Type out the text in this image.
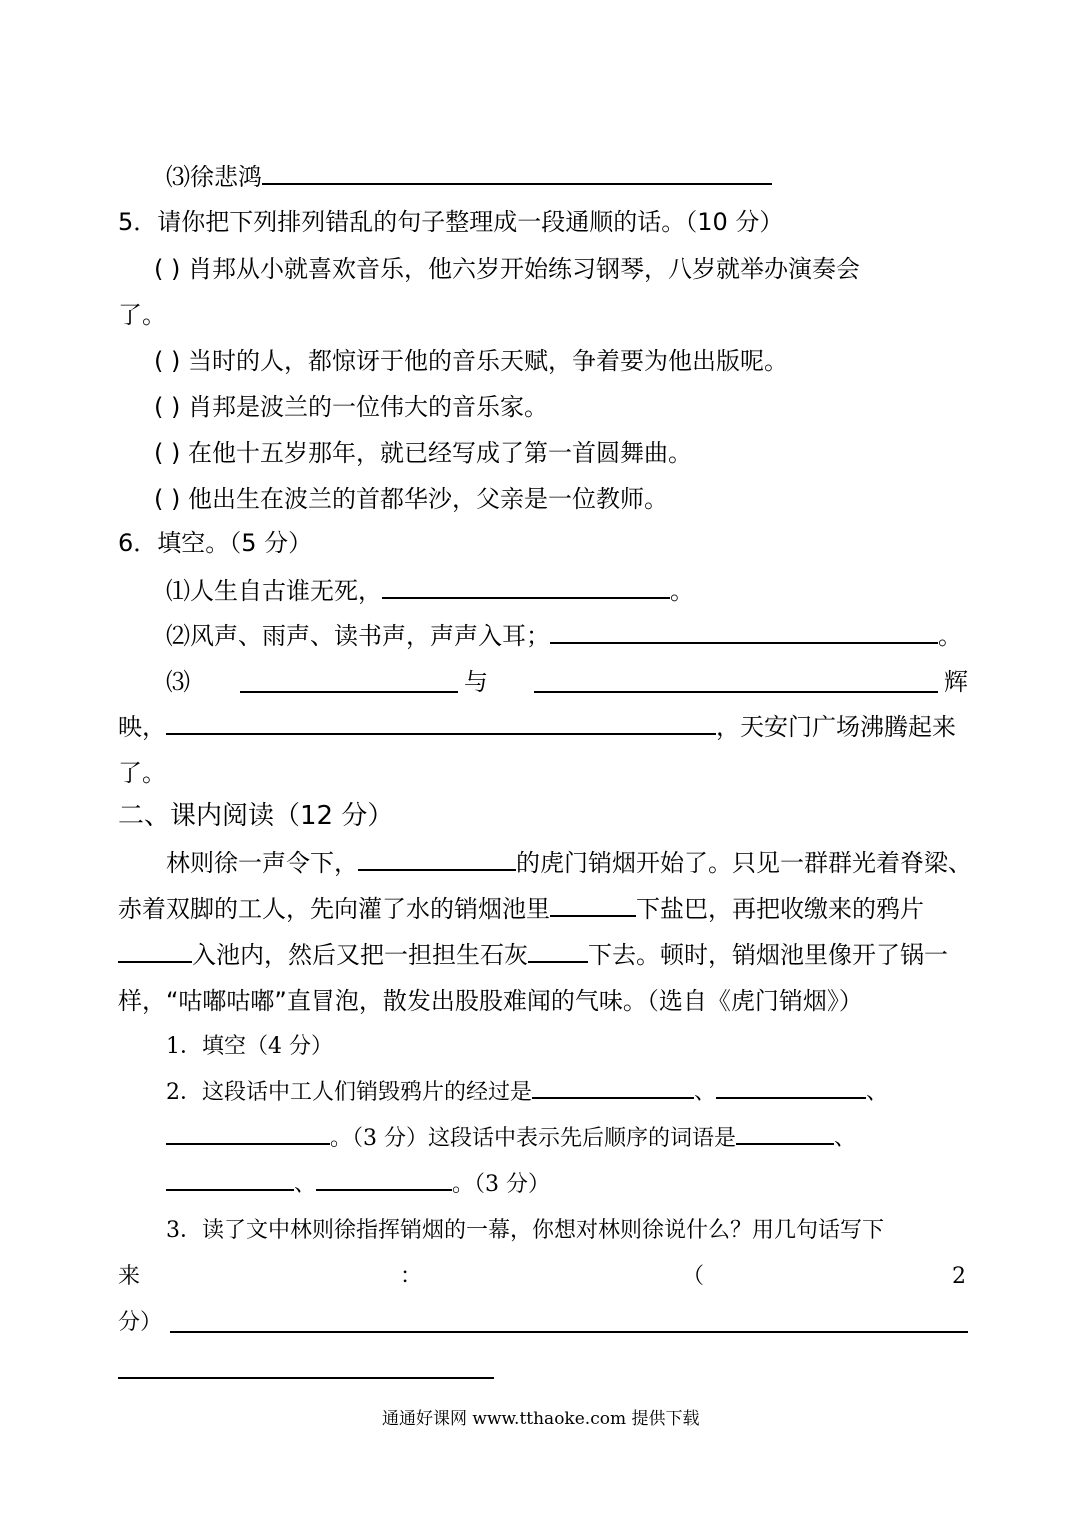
⑶徐悲鸿
5．请你把下列排列错乱的句子整理成一段通顺的话。（10 分）
( ) 肖邦从小就喜欢音乐，他六岁开始练习钢琴，八岁就举办演奏会
了。
( ) 当时的人，都惊讶于他的音乐天赋，争着要为他出版呢。
( ) 肖邦是波兰的一位伟大的音乐家。
( ) 在他十五岁那年，就已经写成了第一首圆舞曲。
( ) 他出生在波兰的首都华沙，父亲是一位教师。
6．填空。（5 分）
⑴人生自古谁无死，	。
⑵风声、雨声、读书声，声声入耳；	。
⑶	与	辉
映，	，天安门广场沸腾起来
了。
二、课内阅读（12 分）
林则徐一声令下，	的虎门销烟开始了。只见一群群光着脊梁、
赤着双脚的工人，先向灌了水的销烟池里	下盐巴，再把收缴来的鸦片
入池内，然后又把一担担生石灰	下去。顿时，销烟池里像开了锅一
样，“咕嘟咕嘟”直冒泡，散发出股股难闻的气味。（选自《虎门销烟》）
1．填空（4 分）
2．这段话中工人们销毁鸦片的经过是	、	、
。（3 分）这段话中表示先后顺序的词语是	、
、	。（3 分）
3．读了文中林则徐指挥销烟的一幕，你想对林则徐说什么？用几句话写下
来	：	（	2
分）
通通好课网 www.tthaoke.com 提供下载
